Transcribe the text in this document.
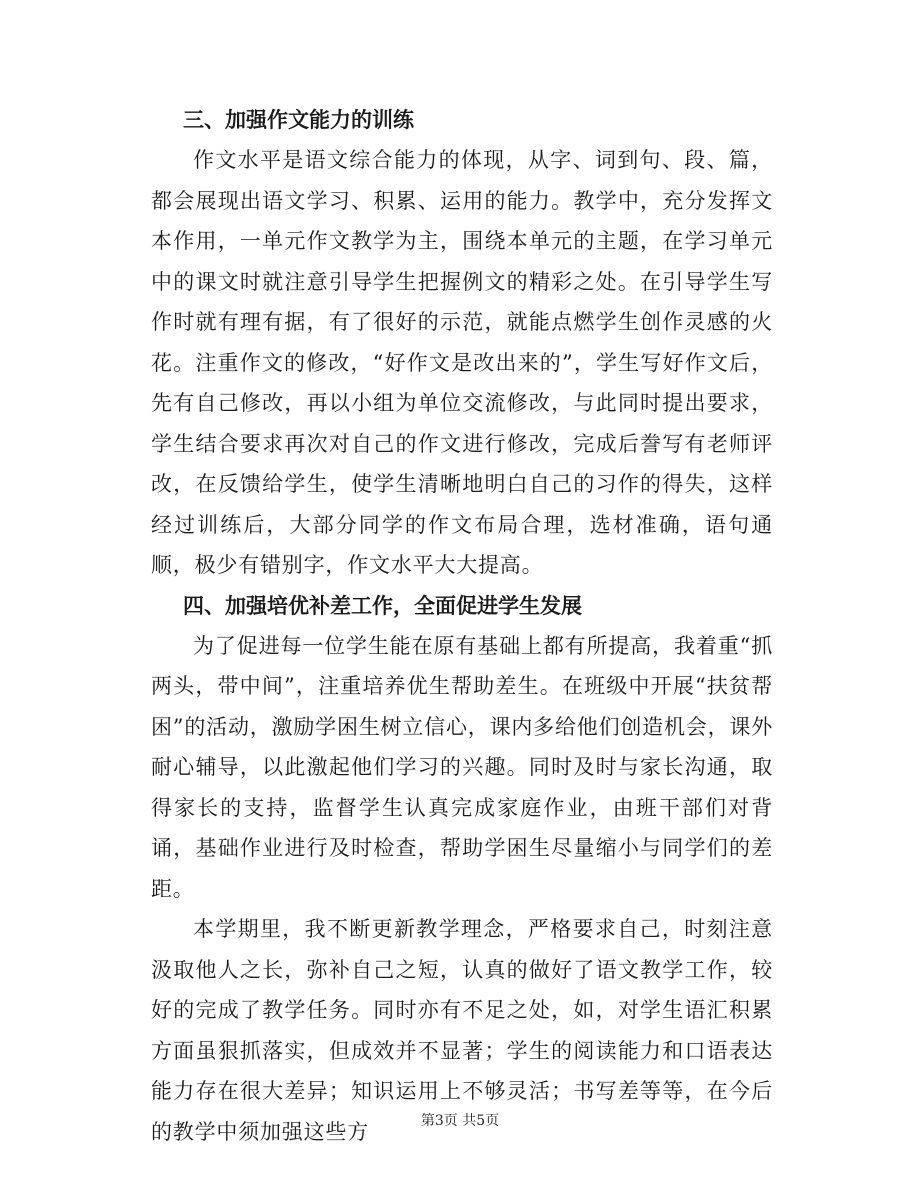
三、加强作文能力的训练

作文水平是语文综合能力的体现，从字、词到句、段、篇，都会展现出语文学习、积累、运用的能力。教学中，充分发挥文本作用，一单元作文教学为主，围绕本单元的主题，在学习单元中的课文时就注意引导学生把握例文的精彩之处。在引导学生写作时就有理有据，有了很好的示范，就能点燃学生创作灵感的火花。注重作文的修改，“好作文是改出来的”，学生写好作文后，先有自己修改，再以小组为单位交流修改，与此同时提出要求，学生结合要求再次对自己的作文进行修改，完成后誊写有老师评改，在反馈给学生，使学生清晰地明白自己的习作的得失，这样经过训练后，大部分同学的作文布局合理，选材准确，语句通顺，极少有错别字，作文水平大大提高。

四、加强培优补差工作，全面促进学生发展

为了促进每一位学生能在原有基础上都有所提高，我着重“抓两头，带中间”，注重培养优生帮助差生。在班级中开展“扶贫帮困”的活动，激励学困生树立信心，课内多给他们创造机会，课外耐心辅导，以此激起他们学习的兴趣。同时及时与家长沟通，取得家长的支持，监督学生认真完成家庭作业，由班干部们对背诵，基础作业进行及时检查，帮助学困生尽量缩小与同学们的差距。

本学期里，我不断更新教学理念，严格要求自己，时刻注意汲取他人之长，弥补自己之短，认真的做好了语文教学工作，较好的完成了教学任务。同时亦有不足之处，如，对学生语汇积累方面虽狠抓落实，但成效并不显著；学生的阅读能力和口语表达能力存在很大差异；知识运用上不够灵活；书写差等等，在今后的教学中须加强这些方	第3页 共5页
